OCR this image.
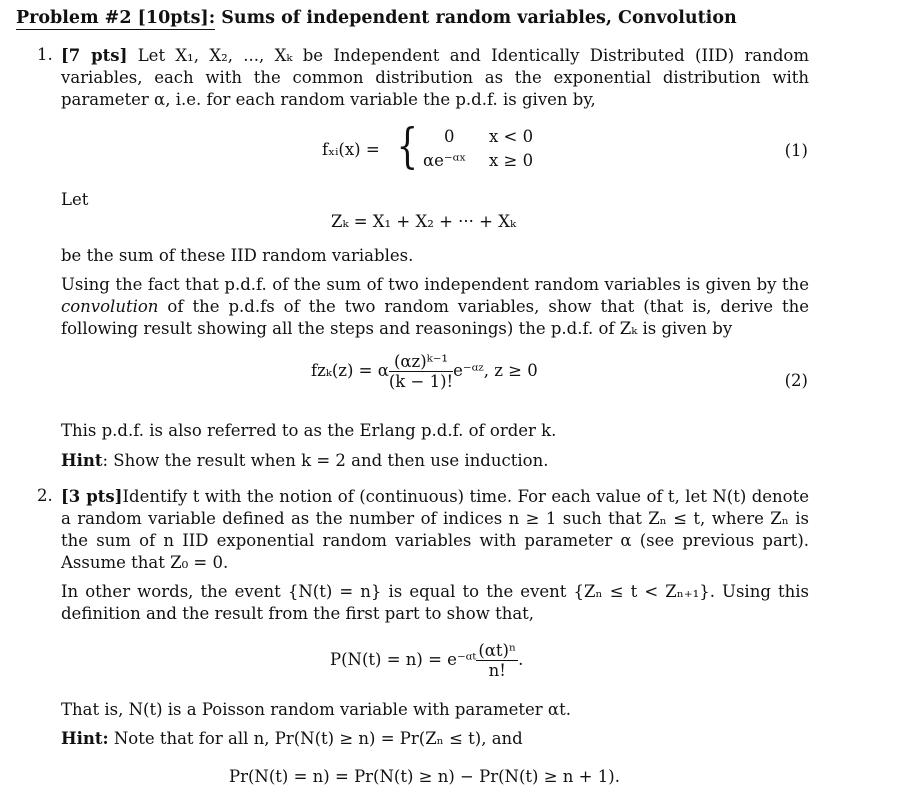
Problem #2 [10pts]: Sums of independent random variables, Convolution
1. [7 pts] Let X₁, X₂, ..., Xₖ be Independent and Identically Distributed (IID) random variables, each with the common distribution as the exponential distribution with parameter α, i.e. for each random variable the p.d.f. is given by,
fₓᵢ(x) = { 0 x < 0
αe⁻ᵅˣ x ≥ 0
(1)
Let
Zₖ = X₁ + X₂ + ··· + Xₖ
be the sum of these IID random variables.
Using the fact that p.d.f. of the sum of two independent random variables is given by the convolution of the p.d.fs of the two random variables, show that (that is, derive the following result showing all the steps and reasonings) the p.d.f. of Zₖ is given by
fᴢₖ(z) = α $\frac{\text{(αz)ᵏ⁻¹}}{(k - 1)!}$ e⁻ᵅᶻ, z ≥ 0
(2)
This p.d.f. is also referred to as the Erlang p.d.f. of order k.
Hint: Show the result when k = 2 and then use induction.
2. [3 pts]Identify t with the notion of (continuous) time. For each value of t, let N(t) denote a random variable defined as the number of indices n ≥ 1 such that Zₙ ≤ t, where Zₙ is the sum of n IID exponential random variables with parameter α (see previous part). Assume that Z₀ = 0.
In other words, the event {N(t) = n} is equal to the event {Zₙ ≤ t < Zₙ₊₁}. Using this definition and the result from the first part to show that,
P(N(t) = n) = e⁻ᵅᵗ $\frac{\text{(αt)ⁿ}}{n!}$ .
That is, N(t) is a Poisson random variable with parameter αt.
Hint: Note that for all n, Pr(N(t) ≥ n) = Pr(Zₙ ≤ t), and
Pr(N(t) = n) = Pr(N(t) ≥ n) − Pr(N(t) ≥ n + 1).
